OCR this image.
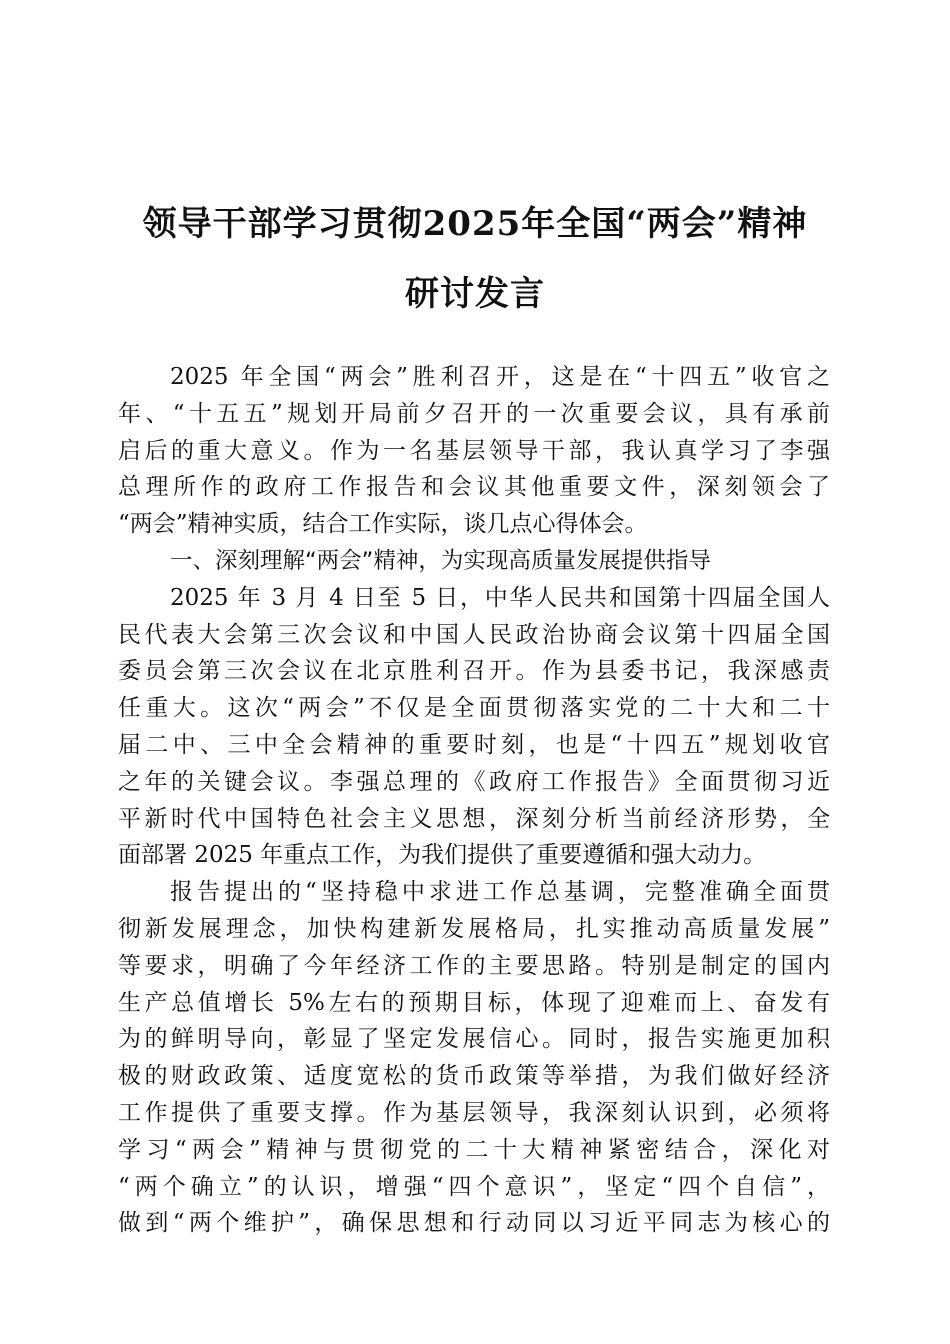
领导干部学习贯彻2025年全国“两会”精神
研讨发言
2025 年全国“两会”胜利召开，这是在“十四五”收官之
年、“十五五”规划开局前夕召开的一次重要会议，具有承前
启后的重大意义。作为一名基层领导干部，我认真学习了李强
总理所作的政府工作报告和会议其他重要文件，深刻领会了
“两会”精神实质，结合工作实际，谈几点心得体会。
一、深刻理解“两会”精神，为实现高质量发展提供指导
2025 年 3 月 4 日至 5 日，中华人民共和国第十四届全国人
民代表大会第三次会议和中国人民政治协商会议第十四届全国
委员会第三次会议在北京胜利召开。作为县委书记，我深感责
任重大。这次“两会”不仅是全面贯彻落实党的二十大和二十
届二中、三中全会精神的重要时刻，也是“十四五”规划收官
之年的关键会议。李强总理的《政府工作报告》全面贯彻习近
平新时代中国特色社会主义思想，深刻分析当前经济形势，全
面部署 2025 年重点工作，为我们提供了重要遵循和强大动力。
报告提出的“坚持稳中求进工作总基调，完整准确全面贯
彻新发展理念，加快构建新发展格局，扎实推动高质量发展”
等要求，明确了今年经济工作的主要思路。特别是制定的国内
生产总值增长 5%左右的预期目标，体现了迎难而上、奋发有
为的鲜明导向，彰显了坚定发展信心。同时，报告实施更加积
极的财政政策、适度宽松的货币政策等举措，为我们做好经济
工作提供了重要支撑。作为基层领导，我深刻认识到，必须将
学习“两会”精神与贯彻党的二十大精神紧密结合，深化对
“两个确立”的认识，增强“四个意识”，坚定“四个自信”，
做到“两个维护”，确保思想和行动同以习近平同志为核心的
